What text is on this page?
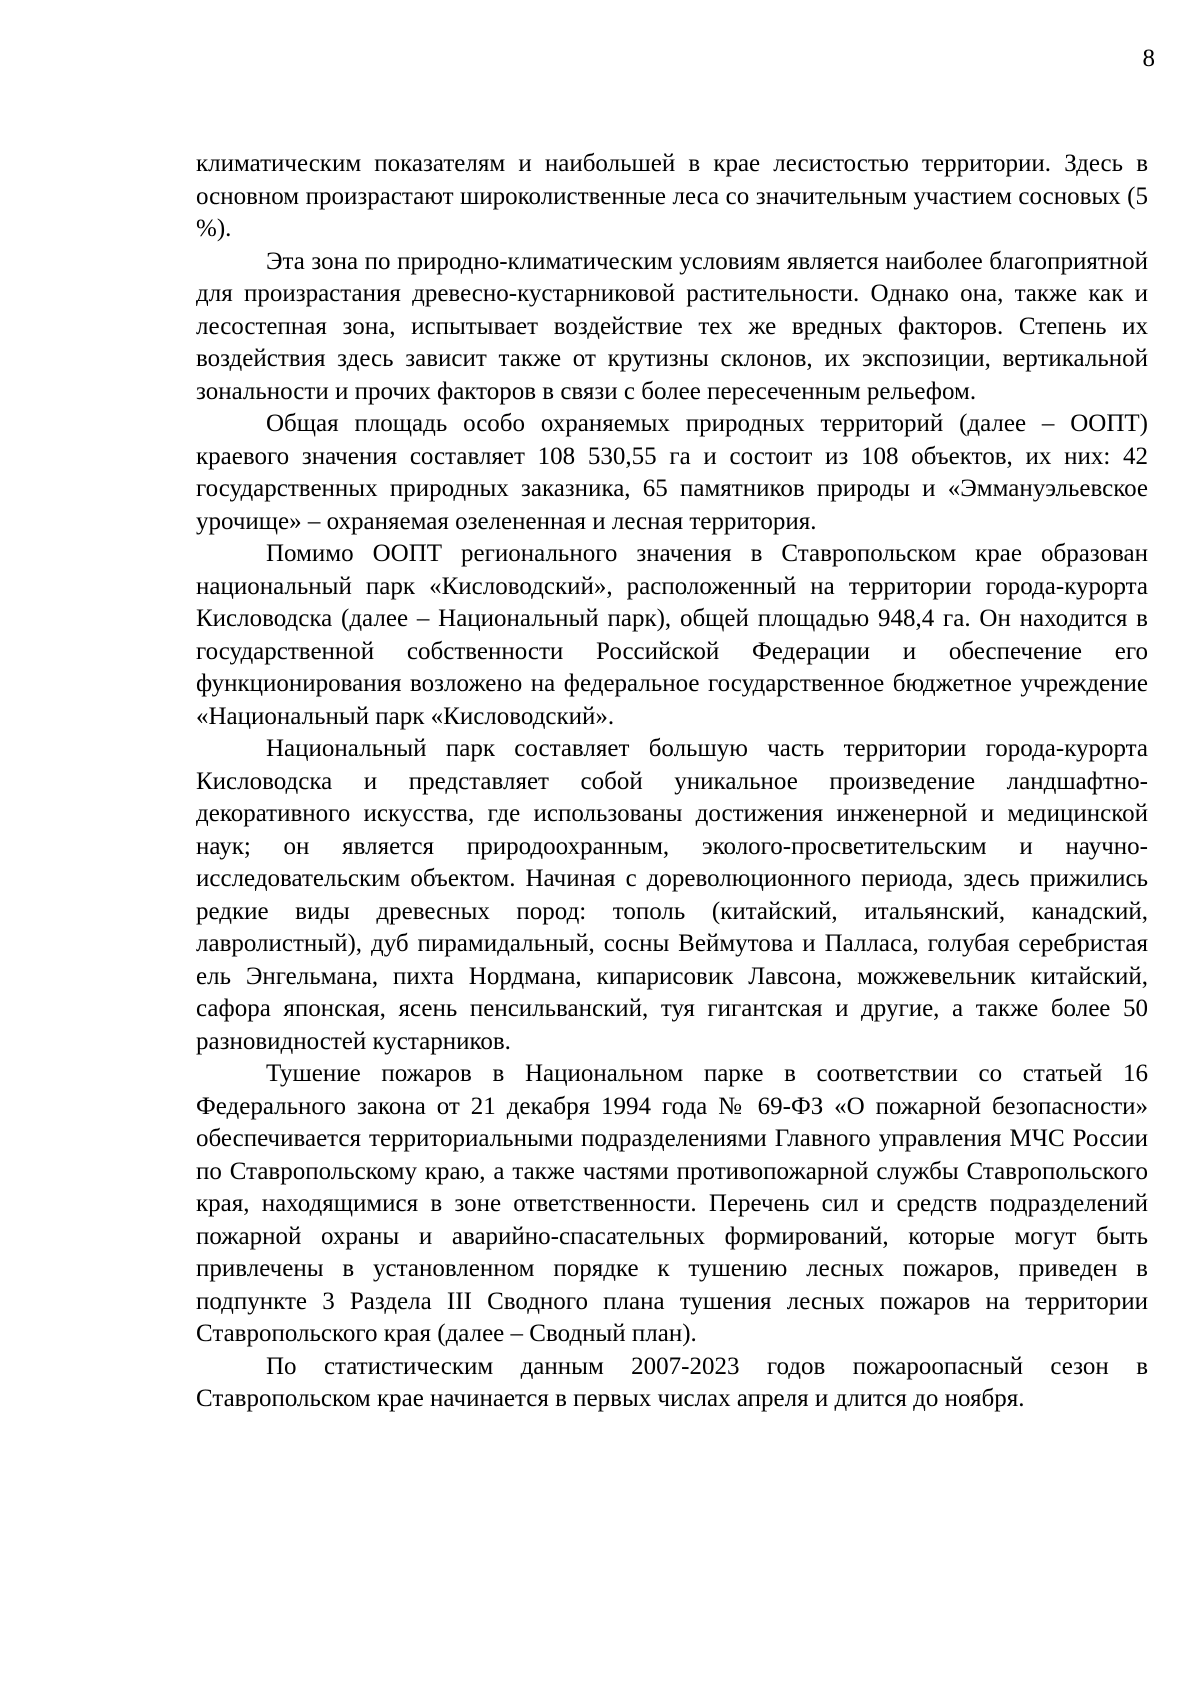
8

климатическим показателям и наибольшей в крае лесистостью территории. Здесь в основном произрастают широколиственные леса со значительным участием сосновых (5 %).

Эта зона по природно-климатическим условиям является наиболее благоприятной для произрастания древесно-кустарниковой растительности. Однако она, также как и лесостепная зона, испытывает воздействие тех же вредных факторов. Степень их воздействия здесь зависит также от крутизны склонов, их экспозиции, вертикальной зональности и прочих факторов в связи с более пересеченным рельефом.

Общая площадь особо охраняемых природных территорий (далее – ООПТ) краевого значения составляет 108 530,55 га и состоит из 108 объектов, их них: 42 государственных природных заказника, 65 памятников природы и «Эммануэльевское урочище» – охраняемая озелененная и лесная территория.

Помимо ООПТ регионального значения в Ставропольском крае образован национальный парк «Кисловодский», расположенный на территории города-курорта Кисловодска (далее – Национальный парк), общей площадью 948,4 га. Он находится в государственной собственности Российской Федерации и обеспечение его функционирования возложено на федеральное государственное бюджетное учреждение «Национальный парк «Кисловодский».

Национальный парк составляет большую часть территории города-курорта Кисловодска и представляет собой уникальное произведение ландшафтно-декоративного искусства, где использованы достижения инженерной и медицинской наук; он является природоохранным, эколого-просветительским и научно-исследовательским объектом. Начиная с дореволюционного периода, здесь прижились редкие виды древесных пород: тополь (китайский, итальянский, канадский, лавролистный), дуб пирамидальный, сосны Веймутова и Палласа, голубая серебристая ель Энгельмана, пихта Нордмана, кипарисовик Лавсона, можжевельник китайский, сафора японская, ясень пенсильванский, туя гигантская и другие, а также более 50 разновидностей кустарников.

Тушение пожаров в Национальном парке в соответствии со статьей 16 Федерального закона от 21 декабря 1994 года № 69-ФЗ «О пожарной безопасности» обеспечивается территориальными подразделениями Главного управления МЧС России по Ставропольскому краю, а также частями противопожарной службы Ставропольского края, находящимися в зоне ответственности. Перечень сил и средств подразделений пожарной охраны и аварийно-спасательных формирований, которые могут быть привлечены в установленном порядке к тушению лесных пожаров, приведен в подпункте 3 Раздела III Сводного плана тушения лесных пожаров на территории Ставропольского края (далее – Сводный план).

По статистическим данным 2007-2023 годов пожароопасный сезон в Ставропольском крае начинается в первых числах апреля и длится до ноября.
